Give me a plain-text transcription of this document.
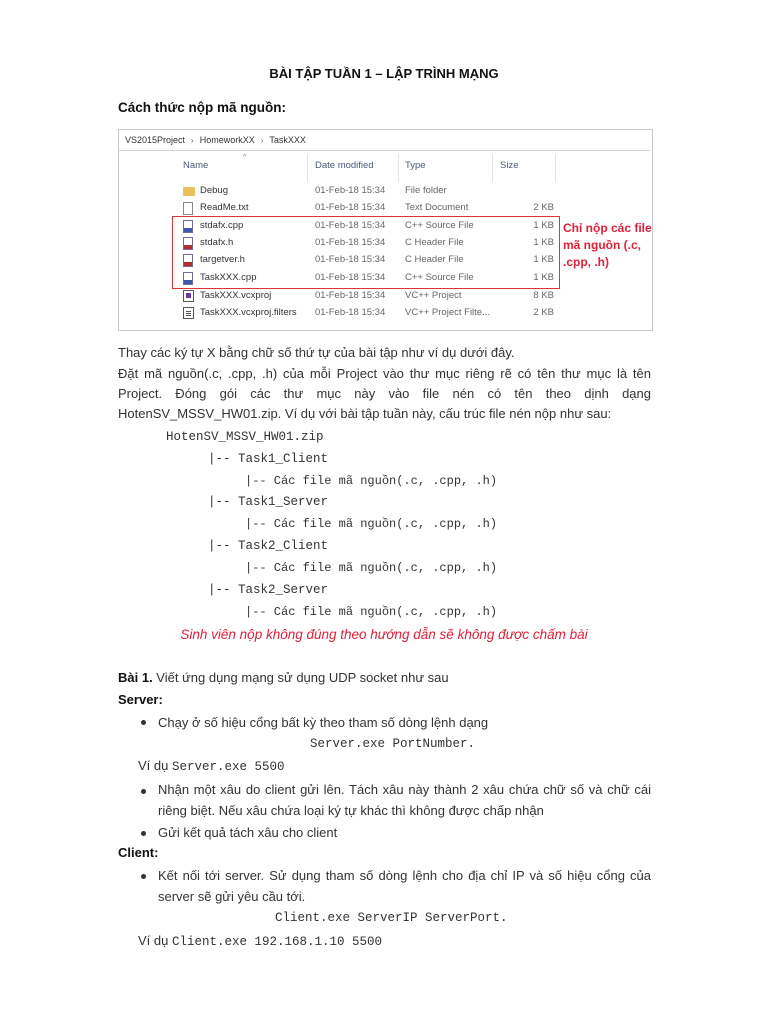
BÀI TẬP TUẦN 1 – LẬP TRÌNH MẠNG
Cách thức nộp mã nguồn:
VS2015Project › HomeworkXX › TaskXXX
^
Name	Date modified	Type	Size
Debug	01-Feb-18 15:34 File folder
ReadMe.txt	01-Feb-18 15:34 Text Document	2 KB
stdafx.cpp	01-Feb-18 15:34 C++ Source File	1 KB
stdafx.h	01-Feb-18 15:34 C Header File	1 KB
targetver.h	01-Feb-18 15:34 C Header File	1 KB
TaskXXX.cpp	01-Feb-18 15:34 C++ Source File	1 KB
TaskXXX.vcxproj	01-Feb-18 15:34 VC++ Project	8 KB
TaskXXX.vcxproj.filters 01-Feb-18 15:34 VC++ Project Filte...	2 KB
Chỉ nộp các file mã nguồn (.c, .cpp, .h)
Thay các ký tự X bằng chữ số thứ tự của bài tập như ví dụ dưới đây.
Đặt mã nguồn(.c, .cpp, .h) của mỗi Project vào thư mục riêng rẽ có tên thư mục là tên Project. Đóng gói các thư mục này vào file nén có tên theo dịnh dạng HotenSV_MSSV_HW01.zip. Ví dụ với bài tập tuần này, cấu trúc file nén nộp như sau:
HotenSV_MSSV_HW01.zip
|-- Task1_Client
|-- Các file mã nguồn(.c, .cpp, .h)
|-- Task1_Server
|-- Các file mã nguồn(.c, .cpp, .h)
|-- Task2_Client
|-- Các file mã nguồn(.c, .cpp, .h)
|-- Task2_Server
|-- Các file mã nguồn(.c, .cpp, .h)
Sinh viên nộp không đúng theo hướng dẫn sẽ không được chấm bài
Bài 1. Viết ứng dụng mạng sử dụng UDP socket như sau
Server:
Chạy ở số hiệu cổng bất kỳ theo tham số dòng lệnh dạng
Server.exe PortNumber.
Ví dụ Server.exe 5500
Nhận một xâu do client gửi lên. Tách xâu này thành 2 xâu chứa chữ số và chữ cái riêng biệt. Nếu xâu chứa loại ký tự khác thì không được chấp nhận
Gửi kết quả tách xâu cho client
Client:
Kết nối tới server. Sử dụng tham số dòng lệnh cho địa chỉ IP và số hiệu cổng của server sẽ gửi yêu cầu tới.
Client.exe ServerIP ServerPort.
Ví dụ Client.exe 192.168.1.10 5500
